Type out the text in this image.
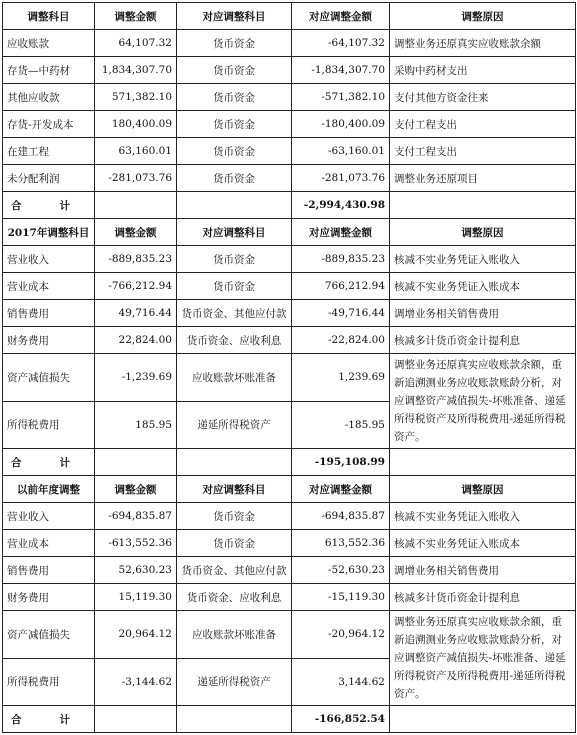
调整科目	调整金额	对应调整科目	对应调整金额	调整原因
应收账款	64,107.32	货币资金	-64,107.32	调整业务还原真实应收账款余额
存货—中药材	1,834,307.70	货币资金	-1,834,307.70	采购中药材支出
其他应收款	571,382.10	货币资金	-571,382.10	支付其他方资金往来
存货-开发成本	180,400.09	货币资金	-180,400.09	支付工程支出
在建工程	63,160.01	货币资金	-63,160.01	支付工程支出
未分配利润	-281,073.76	货币资金	-281,073.76	调整业务还原项目

合 计			-2,994,430.98	
2017年调整科目	调整金额	对应调整科目	对应调整金额	调整原因
营业收入	-889,835.23	货币资金	-889,835.23	核减不实业务凭证入账收入
营业成本	-766,212.94	货币资金	766,212.94	核减不实业务凭证入账成本
销售费用	49,716.44	货币资金、其他应付款	-49,716.44	调增业务相关销售费用
财务费用	22,824.00	货币资金、应收利息	-22,824.00	核减多计货币资金计提利息
资产减值损失	-1,239.69	应收账款坏账准备	1,239.69	调整业务还原真实应收账款余额，重新追溯测业务应收账款账龄分析，对应调整资产减值损失-坏账准备、递延所得税资产及所得税费用-递延所得税资产。
所得税费用	185.95	递延所得税资产	-185.95	

合 计			-195,108.99	
以前年度调整	调整金额	对应调整科目	对应调整金额	调整原因
营业收入	-694,835.87	货币资金	-694,835.87	核减不实业务凭证入账收入
营业成本	-613,552.36	货币资金	613,552.36	核减不实业务凭证入账成本
销售费用	52,630.23	货币资金、其他应付款	-52,630.23	调增业务相关销售费用
财务费用	15,119.30	货币资金、应收利息	-15,119.30	核减多计货币资金计提利息
资产减值损失	20,964.12	应收账款坏账准备	-20,964.12	调整业务还原真实应收账款余额，重新追溯测业务应收账款账龄分析，对应调整资产减值损失-坏账准备、递延所得税资产及所得税费用-递延所得税资产。
所得税费用	-3,144.62	递延所得税资产	3,144.62	

合 计			-166,852.54	
